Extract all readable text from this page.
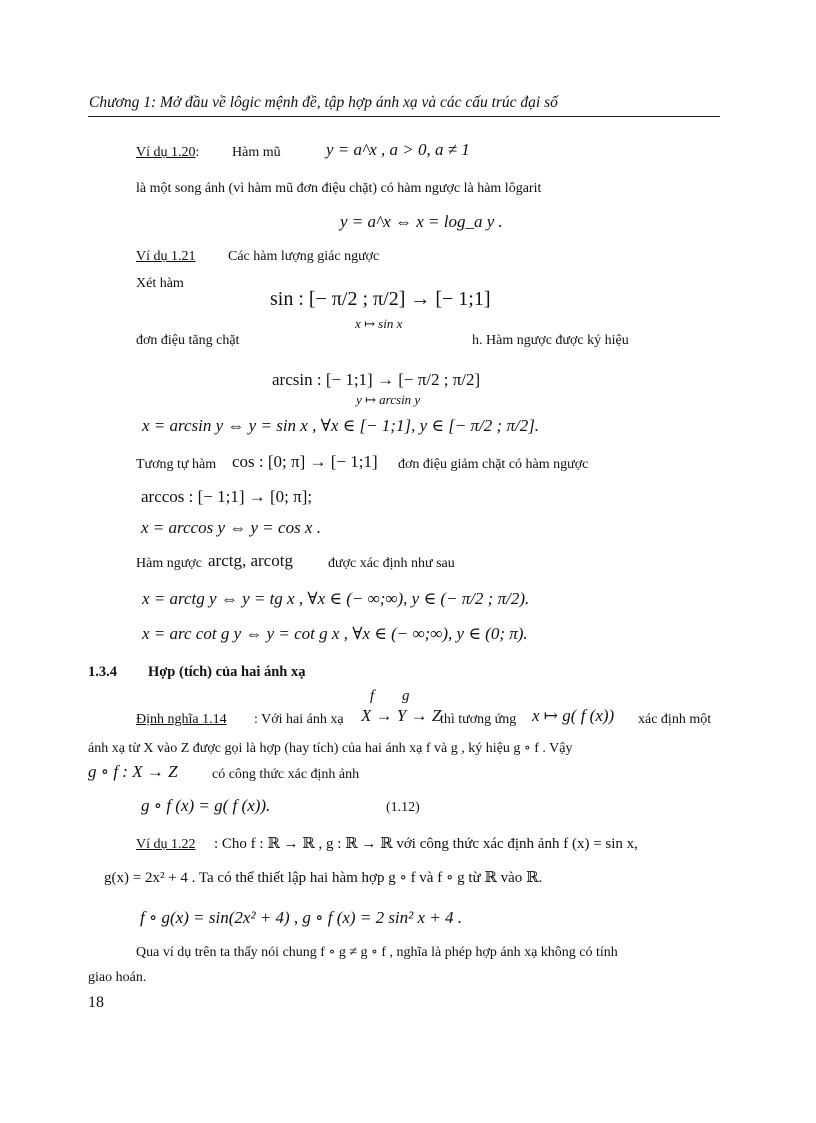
Chương 1: Mở đầu về lôgic mệnh đề, tập hợp ánh xạ và các cấu trúc đại số
Ví dụ 1.20: Hàm mũ	y = a^x , a > 0, a ≠ 1
là một song ánh (vì hàm mũ đơn điệu chặt) có hàm ngược là hàm lôgarit
y = a^x ⇔ x = log_a y .
Ví dụ 1.21 Các hàm lượng giác ngược
Xét hàm
sin : [− π/2 ; π/2] → [− 1;1]
x ↦ sin x
đơn điệu tăng chặt	h. Hàm ngược được ký hiệu
arcsin : [− 1;1] → [− π/2 ; π/2]
y ↦ arcsin y
x = arcsin y ⇔ y = sin x , ∀x ∈ [− 1;1], y ∈ [− π/2 ; π/2].
Tương tự hàm cos : [0; π] → [− 1;1] đơn điệu giảm chặt có hàm ngược
arccos : [− 1;1] → [0; π];
x = arccos y ⇔ y = cos x .
Hàm ngược arctg, arcotg	được xác định như sau
x = arctg y ⇔ y = tg x , ∀x ∈ (− ∞;∞), y ∈ (− π/2 ; π/2).
x = arc cot g y ⇔ y = cot g x , ∀x ∈ (− ∞;∞), y ∈ (0; π).
1.3.4 Hợp (tích) của hai ánh xạ
f g
Định nghĩa 1.14 : Với hai ánh xạ X → Y → Z
thì tương ứng x ↦ g( f (x)) xác định một
ánh xạ từ X vào Z được gọi là hợp (hay tích) của hai ánh xạ f và g , ký hiệu g ∘ f . Vậy
g ∘ f : X → Z có công thức xác định ảnh
g ∘ f (x) = g( f (x)).	(1.12)
Ví dụ 1.22 : Cho f : ℝ → ℝ , g : ℝ → ℝ với công thức xác định ảnh f (x) = sin x,
g(x) = 2x² + 4 . Ta có thể thiết lập hai hàm hợp g ∘ f và f ∘ g từ ℝ vào ℝ.
f ∘ g(x) = sin(2x² + 4) , g ∘ f (x) = 2 sin² x + 4 .
Qua ví dụ trên ta thấy nói chung f ∘ g ≠ g ∘ f , nghĩa là phép hợp ánh xạ không có tính
giao hoán.
18
